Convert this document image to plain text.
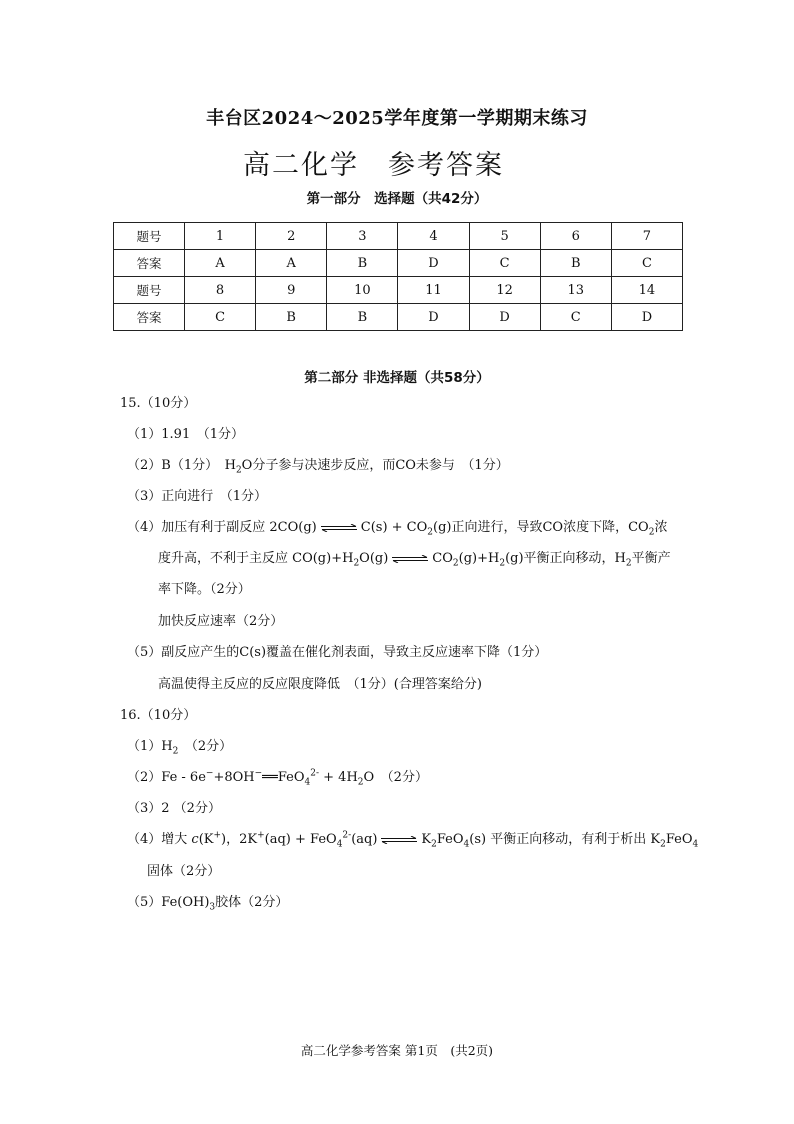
丰台区2024～2025学年度第一学期期末练习
高二化学　参考答案
第一部分　选择题（共42分）
题号	1	2	3	4	5	6	7
答案	A	A	B	D	C	B	C
题号	8	9	10	11	12	13	14
答案	C	B	B	D	D	C	D
第二部分 非选择题（共58分）
15.（10分）
（1）1.91　（1分）
（2）B（1分）　$H_2O$分子参与决速步反应，而CO未参与　（1分）
（3）正向进行　（1分）
（4）加压有利于副反应 2CO(g) ⇌ $C(s) + CO_2(g)$正向进行，导致CO浓度下降，$CO_2$浓
度升高，不利于主反应 $CO(g)+H_2O(g)$ ⇌ $CO_2(g)+H_2(g)$平衡正向移动，$H_2$平衡产
率下降。（2分）
加快反应速率（2分）
（5）副反应产生的C(s)覆盖在催化剂表面，导致主反应速率下降（1分）
高温使得主反应的反应限度降低　（1分）(合理答案给分)
16.（10分）
$(1)H_2$　（2分）
（2）Fe - 6e−+8OH−══FeO$_4^{2-}$ + $4H_2O$　（2分）
（3）2 （2分）
（4）增大 c(K+)，2K+(aq) + FeO$_4^{2-}$(aq) ⇌ $K_2FeO_4(s)$ 平衡正向移动，有利于析出 $K_2FeO_4$
固体（2分）
$(5)Fe(OH)_3$胶体（2分）
高二化学参考答案 第1页　(共2页)
